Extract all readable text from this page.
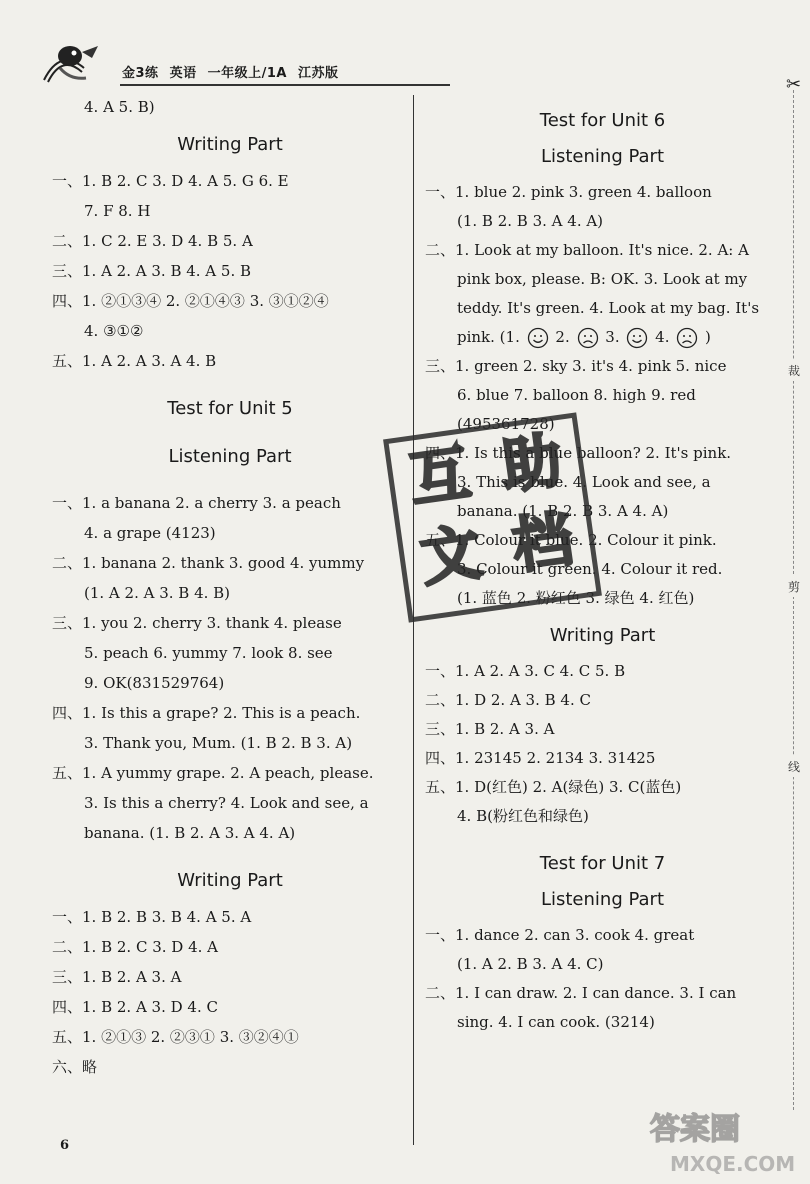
金3练 英语 一年级上/1A 江苏版
4. A 5. B)
Writing Part
一、1. B 2. C 3. D 4. A 5. G 6. E
7. F 8. H
二、1. C 2. E 3. D 4. B 5. A
三、1. A 2. A 3. B 4. A 5. B
四、1. ②①③④ 2. ②①④③ 3. ③①②④
4. ③①②
五、1. A 2. A 3. A 4. B
Test for Unit 5
Listening Part
一、1. a banana 2. a cherry 3. a peach
4. a grape (4123)
二、1. banana 2. thank 3. good 4. yummy
(1. A 2. A 3. B 4. B)
三、1. you 2. cherry 3. thank 4. please
5. peach 6. yummy 7. look 8. see
9. OK(831529764)
四、1. Is this a grape? 2. This is a peach.
3. Thank you, Mum. (1. B 2. B 3. A)
五、1. A yummy grape. 2. A peach, please.
3. Is this a cherry? 4. Look and see, a
banana. (1. B 2. A 3. A 4. A)
Writing Part
一、1. B 2. B 3. B 4. A 5. A
二、1. B 2. C 3. D 4. A
三、1. B 2. A 3. A
四、1. B 2. A 3. D 4. C
五、1. ②①③ 2. ②③① 3. ③②④①
六、略
Test for Unit 6
Listening Part
一、1. blue 2. pink 3. green 4. balloon
(1. B 2. B 3. A 4. A)
二、1. Look at my balloon. It's nice. 2. A: A
pink box, please. B: OK. 3. Look at my
teddy. It's green. 4. Look at my bag. It's
pink. (1. 2. 3. 4. )
三、1. green 2. sky 3. it's 4. pink 5. nice
6. blue 7. balloon 8. high 9. red
(495361728)
四、1. Is this a blue balloon? 2. It's pink.
3. This is blue. 4. Look and see, a
banana. (1. B 2. B 3. A 4. A)
五、1. Colour it blue. 2. Colour it pink.
3. Colour it green. 4. Colour it red.
(1. 蓝色 2. 粉红色 3. 绿色 4. 红色)
Writing Part
一、1. A 2. A 3. C 4. C 5. B
二、1. D 2. A 3. B 4. C
三、1. B 2. A 3. A
四、1. 23145 2. 2134 3. 31425
五、1. D(红色) 2. A(绿色) 3. C(蓝色)
4. B(粉红色和绿色)
Test for Unit 7
Listening Part
一、1. dance 2. can 3. cook 4. great
(1. A 2. B 3. A 4. C)
二、1. I can draw. 2. I can dance. 3. I can
sing. 4. I can cook. (3214)
互 助
文 档
✂
裁
剪
线
6	答案圈
MXQE.COM
